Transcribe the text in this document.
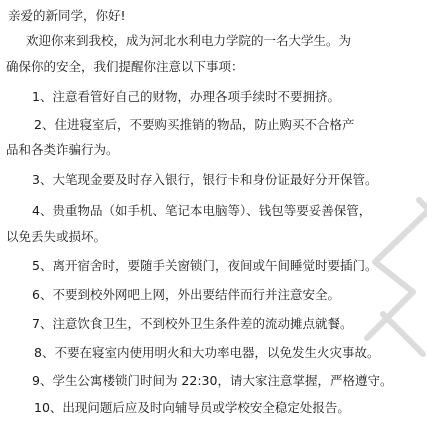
亲爱的新同学，你好!
欢迎你来到我校，成为河北水利电力学院的一名大学生。为
确保你的安全，我们提醒你注意以下事项：
1、注意看管好自己的财物，办理各项手续时不要拥挤。
2、住进寝室后，不要购买推销的物品，防止购买不合格产
品和各类诈骗行为。
3、大笔现金要及时存入银行，银行卡和身份证最好分开保管。
4、贵重物品（如手机、笔记本电脑等）、钱包等要妥善保管，
以免丢失或损坏。
5、离开宿舍时，要随手关窗锁门，夜间或午间睡觉时要插门。
6、不要到校外网吧上网，外出要结伴而行并注意安全。
7、注意饮食卫生，不到校外卫生条件差的流动摊点就餐。
8、不要在寝室内使用明火和大功率电器，以免发生火灾事故。
9、学生公寓楼锁门时间为 22:30，请大家注意掌握，严格遵守。
10、出现问题后应及时向辅导员或学校安全稳定处报告。
